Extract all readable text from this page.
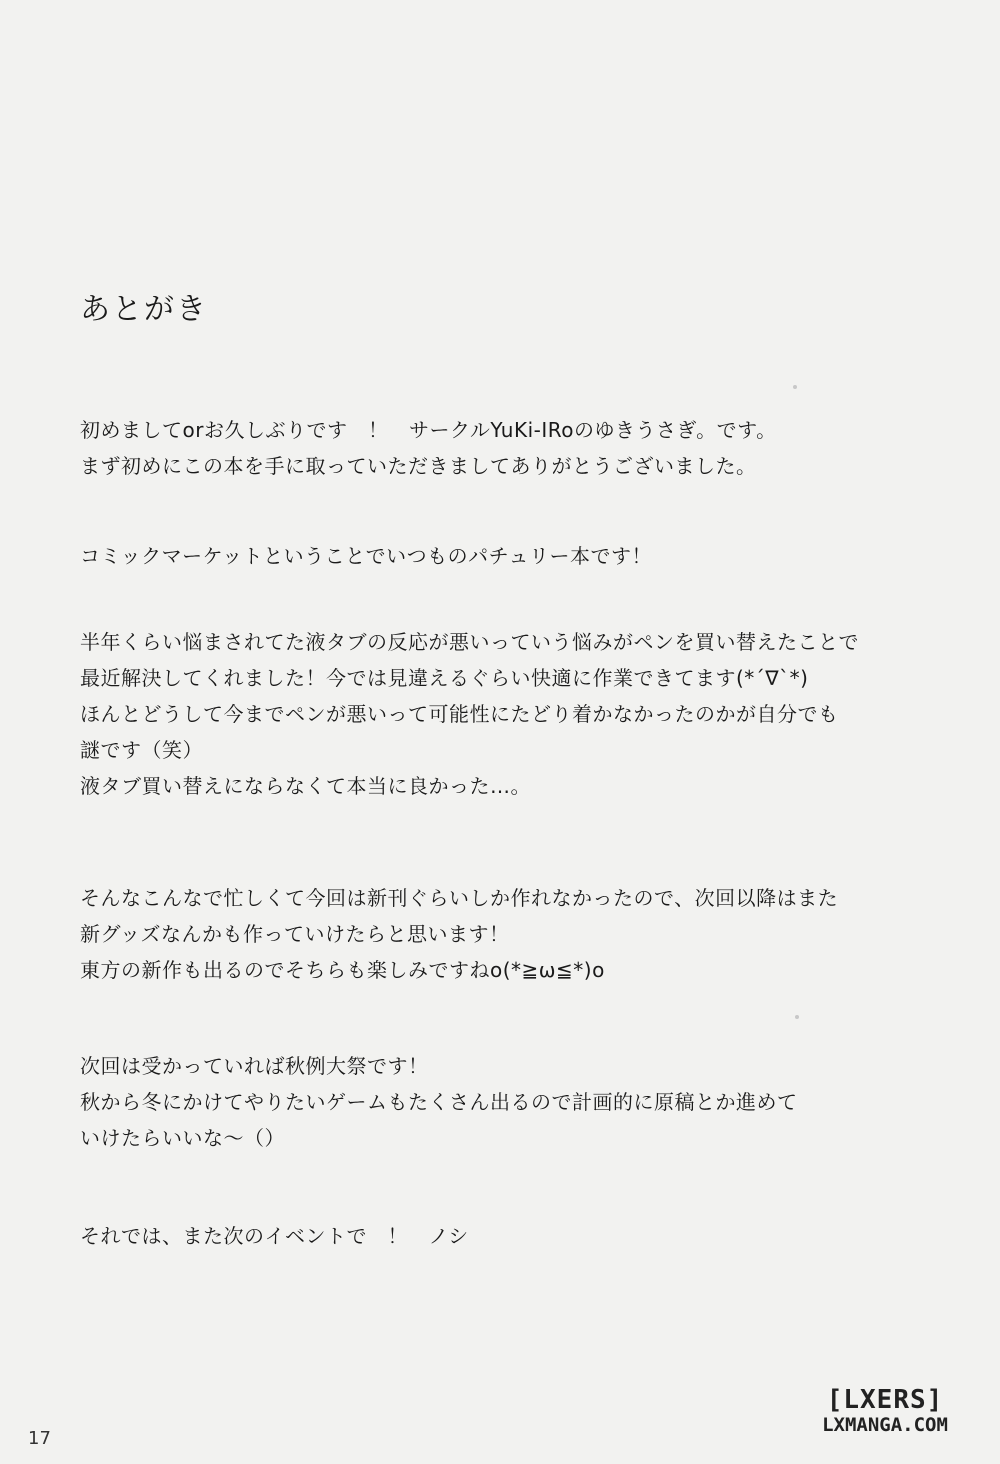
あとがき
初めましてorお久しぶりです　！　サークルYuKi-IRoのゆきうさぎ。です。
まず初めにこの本を手に取っていただきましてありがとうございました。
コミックマーケットということでいつものパチュリー本です！
半年くらい悩まされてた液タブの反応が悪いっていう悩みがペンを買い替えたことで
最近解決してくれました！今では見違えるぐらい快適に作業できてます(*´∇`*)
ほんとどうして今までペンが悪いって可能性にたどり着かなかったのかが自分でも
謎です（笑）
液タブ買い替えにならなくて本当に良かった…。
そんなこんなで忙しくて今回は新刊ぐらいしか作れなかったので、次回以降はまた
新グッズなんかも作っていけたらと思います！
東方の新作も出るのでそちらも楽しみですねo(*≧ω≦*)o
次回は受かっていれば秋例大祭です！
秋から冬にかけてやりたいゲームもたくさん出るので計画的に原稿とか進めて
いけたらいいな～（）
それでは、また次のイベントで　！　ノシ
17
[LXERS]
LXMANGA.COM
